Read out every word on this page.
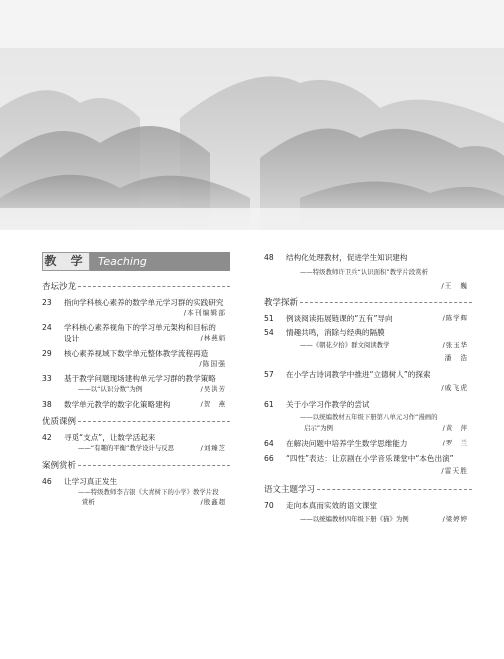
教 学 Teaching
杏坛沙龙
23	指向学科核心素养的数学单元学习群的实践研究
/本刊编辑部
24	学科核心素养视角下的学习单元架构和目标的
设计	/林燕娟
29	核心素养视域下数学单元整体教学流程再造
/陈国强
33	基于教学问题现场建构单元学习群的教学策略
——以“认识分数”为例	/吴洪芳
38 数学单元教学的数字化策略建构	/贺　燕
优质课例
42	寻觅“支点”，让数学活起来
——“有趣的平衡”教学设计与反思	/刘臻芝
案例赏析
46	让学习真正发生
——特级教师李吉银《大青树下的小学》教学片段
赏析	/殷鑫超
48	结构化处理教材，促进学生知识建构
——特级教师许卫兵“认识面积”教学片段赏析
/王　巍
教学探新
51 例谈阅读拓展链课的“五有”导向	/陈学辉
54	情趣共鸣，消除与经典的隔膜
——《朝花夕拾》群文阅读教学	/张玉华
潘　浩
57	在小学古诗词教学中推进“立德树人”的探索
/戚飞虎
61	关于小学习作教学的尝试
——以统编教材五年级下册第八单元习作“漫画的
启示”为例	/黄　萍
64 在解决问题中培养学生数学思维能力	/罗　兰
66	“四性”表达：让京剧在小学音乐课堂中“本色出演”
/雷天胜
语文主题学习
70	走向本真而实效的语文课堂
——以统编教材四年级下册《猫》为例	/梁婷婷
